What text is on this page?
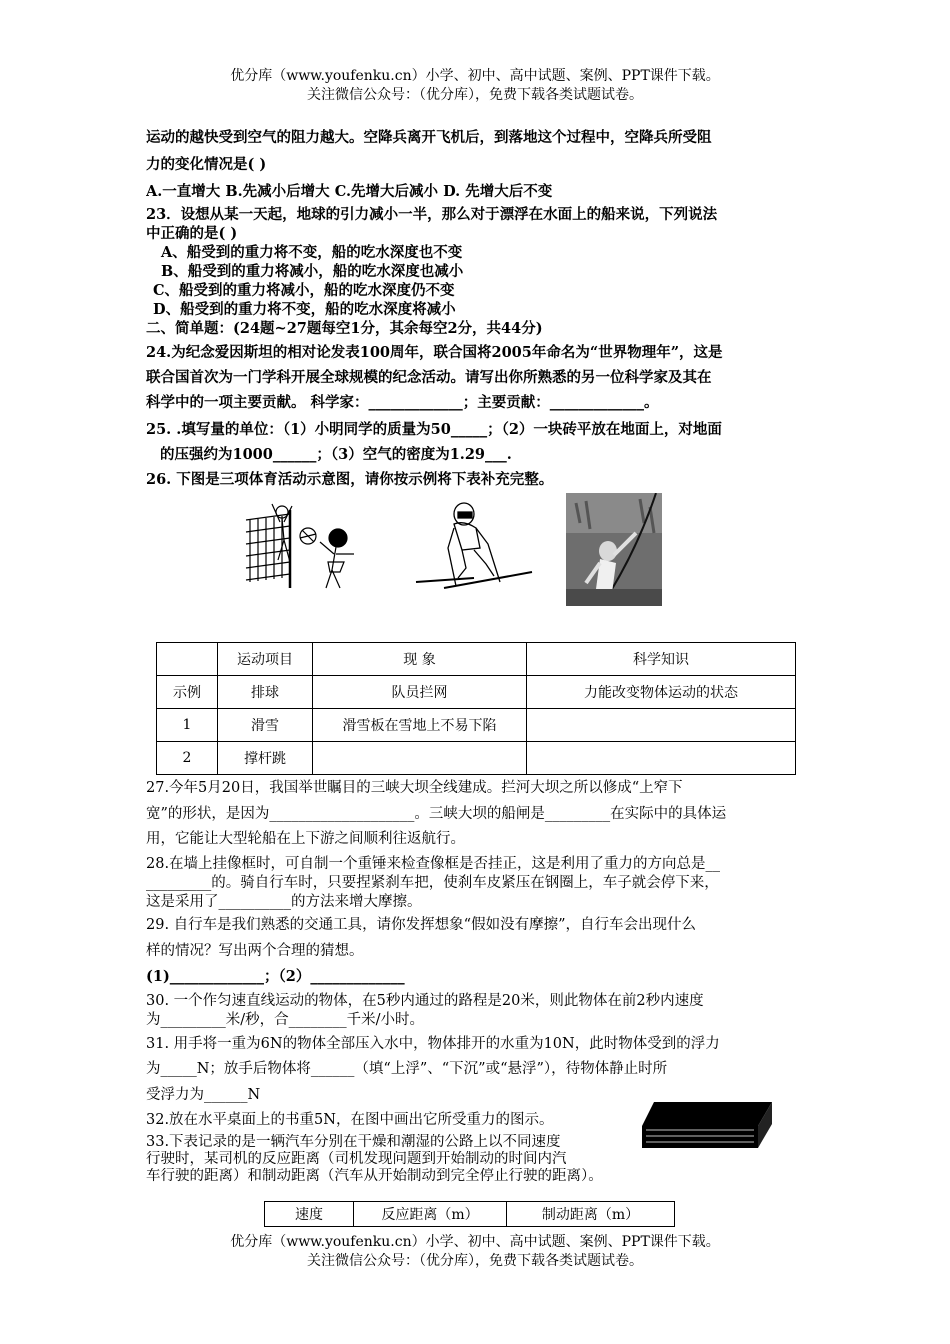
优分库（www.youfenku.cn）小学、初中、高中试题、案例、PPT课件下载。
关注微信公众号：（优分库），免费下载各类试题试卷。
运动的越快受到空气的阻力越大。空降兵离开飞机后，到落地这个过程中，空降兵所受阻
力的变化情况是( )
A.一直增大 B.先减小后增大 C.先增大后减小 D. 先增大后不变
23．设想从某一天起，地球的引力减小一半，那么对于漂浮在水面上的船来说，下列说法
中正确的是( )
A、船受到的重力将不变，船的吃水深度也不变
B、船受到的重力将减小，船的吃水深度也减小
C、船受到的重力将减小，船的吃水深度仍不变
D、船受到的重力将不变，船的吃水深度将减小
二、简单题：(24题~27题每空1分，其余每空2分，共44分)
24.为纪念爱因斯坦的相对论发表100周年，联合国将2005年命名为“世界物理年”，这是
联合国首次为一门学科开展全球规模的纪念活动。请写出你所熟悉的另一位科学家及其在
科学中的一项主要贡献。 科学家：_____________；主要贡献：_____________。
25. .填写量的单位：（1）小明同学的质量为50_____；（2）一块砖平放在地面上，对地面
的压强约为1000______；（3）空气的密度为1.29___.
26. 下图是三项体育活动示意图，请你按示例将下表补充完整。
	运动项目	现 象	科学知识
示例	排球	队员拦网	力能改变物体运动的状态
1	滑雪	滑雪板在雪地上不易下陷	
2	撑杆跳		
27.今年5月20日，我国举世瞩目的三峡大坝全线建成。拦河大坝之所以修成“上窄下
宽”的形状，是因为____________________。三峡大坝的船闸是_________在实际中的具体运
用，它能让大型轮船在上下游之间顺利往返航行。
28.在墙上挂像框时，可自制一个重锤来检查像框是否挂正，这是利用了重力的方向总是__
_________的。骑自行车时，只要捏紧刹车把，使刹车皮紧压在钢圈上，车子就会停下来，
这是采用了__________的方法来增大摩擦。
29. 自行车是我们熟悉的交通工具，请你发挥想象“假如没有摩擦”，自行车会出现什么
样的情况？写出两个合理的猜想。
(1)_____________；（2）_____________
30. 一个作匀速直线运动的物体，在5秒内通过的路程是20米，则此物体在前2秒内速度
为_________米/秒，合________千米/小时。
31. 用手将一重为6N的物体全部压入水中，物体排开的水重为10N，此时物体受到的浮力
为_____N；放手后物体将______（填“上浮”、“下沉”或“悬浮”），待物体静止时所
受浮力为______N
32.放在水平桌面上的书重5N，在图中画出它所受重力的图示。
33.下表记录的是一辆汽车分别在干燥和潮湿的公路上以不同速度
行驶时，某司机的反应距离（司机发现问题到开始制动的时间内汽
车行驶的距离）和制动距离（汽车从开始制动到完全停止行驶的距离）。
速度	反应距离（m）	制动距离（m）
优分库（www.youfenku.cn）小学、初中、高中试题、案例、PPT课件下载。
关注微信公众号：（优分库），免费下载各类试题试卷。
